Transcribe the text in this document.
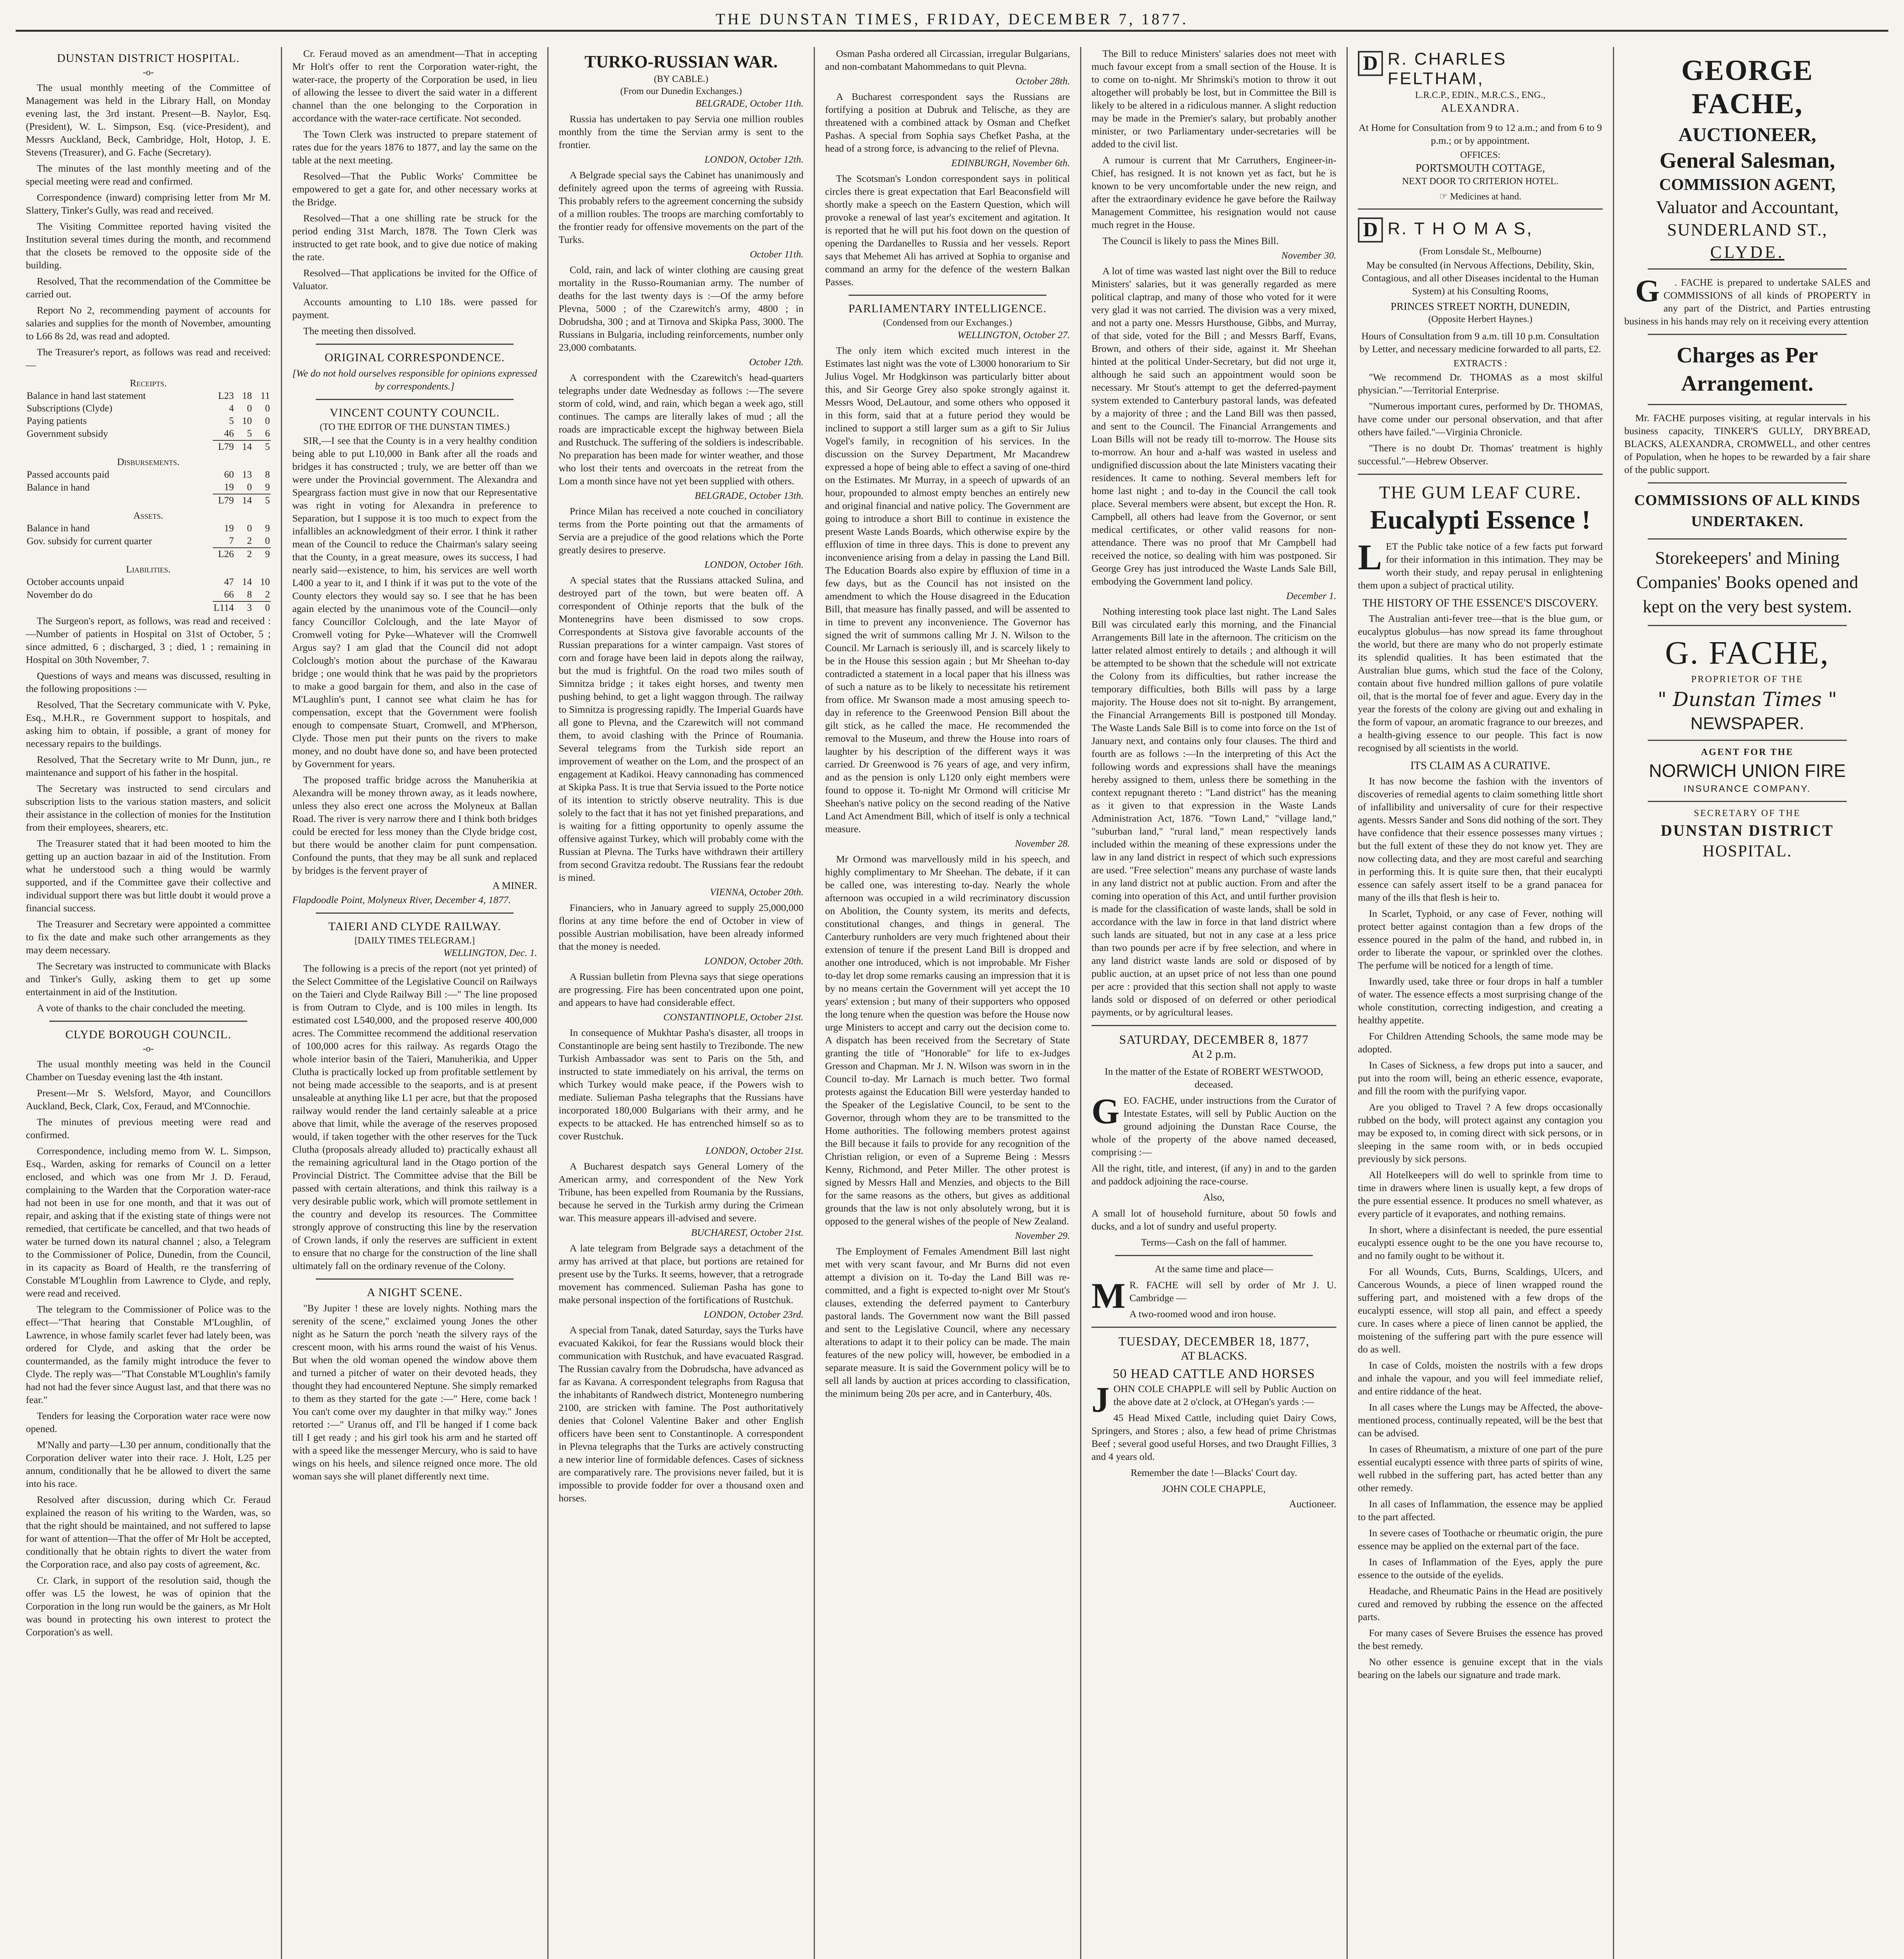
THE DUNSTAN TIMES, FRIDAY, DECEMBER 7, 1877.
DUNSTAN DISTRICT HOSPITAL.
-o-

The usual monthly meeting of the Committee of Management was held in the Library Hall, on Monday evening last, the 3rd instant. Present—B. Naylor, Esq. (President), W. L. Simpson, Esq. (vice-President), and Messrs Auckland, Beck, Cambridge, Holt, Hotop, J. E. Stevens (Treasurer), and G. Fache (Secretary).

The minutes of the last monthly meeting and of the special meeting were read and confirmed.

Correspondence (inward) comprising letter from Mr M. Slattery, Tinker's Gully, was read and received.

The Visiting Committee reported having visited the Institution several times during the month, and recommend that the closets be removed to the opposite side of the building.

Resolved, That the recommendation of the Committee be carried out.

Report No 2, recommending payment of accounts for salaries and supplies for the month of November, amounting to L66 8s 2d, was read and adopted.

The Treasurer's report, as follows was read and received:—

Receipts.			
Balance in hand last statement	L23	18	11
Subscriptions (Clyde)	4	0	0
Paying patients	5	10	0
Government subsidy	46	5	6
	L79	14	5
Disbursements.			
Passed accounts paid	60	13	8
Balance in hand	19	0	9
	L79	14	5
Assets.			
Balance in hand	19	0	9
Gov. subsidy for current quarter	7	2	0
	L26	2	9
Liabilities.			
October accounts unpaid	47	14	10
November do do	66	8	2
	L114	3	0

The Surgeon's report, as follows, was read and received :—Number of patients in Hospital on 31st of October, 5 ; since admitted, 6 ; discharged, 3 ; died, 1 ; remaining in Hospital on 30th November, 7.

Questions of ways and means was discussed, resulting in the following propositions :—

Resolved, That the Secretary communicate with V. Pyke, Esq., M.H.R., re Government support to hospitals, and asking him to obtain, if possible, a grant of money for necessary repairs to the buildings.

Resolved, That the Secretary write to Mr Dunn, jun., re maintenance and support of his father in the hospital.

The Secretary was instructed to send circulars and subscription lists to the various station masters, and solicit their assistance in the collection of monies for the Institution from their employees, shearers, etc.

The Treasurer stated that it had been mooted to him the getting up an auction bazaar in aid of the Institution. From what he understood such a thing would be warmly supported, and if the Committee gave their collective and individual support there was but little doubt it would prove a financial success.

The Treasurer and Secretary were appointed a committee to fix the date and make such other arrangements as they may deem necessary.

The Secretary was instructed to communicate with Blacks and Tinker's Gully, asking them to get up some entertainment in aid of the Institution.

A vote of thanks to the chair concluded the meeting.

CLYDE BOROUGH COUNCIL.
-o-

The usual monthly meeting was held in the Council Chamber on Tuesday evening last the 4th instant.

Present—Mr S. Welsford, Mayor, and Councillors Auckland, Beck, Clark, Cox, Feraud, and M'Connochie.

The minutes of previous meeting were read and confirmed.

Correspondence, including memo from W. L. Simpson, Esq., Warden, asking for remarks of Council on a letter enclosed, and which was one from Mr J. D. Feraud, complaining to the Warden that the Corporation water-race had not been in use for one month, and that it was out of repair, and asking that if the existing state of things were not remedied, that certificate be cancelled, and that two heads of water be turned down its natural channel ; also, a Telegram to the Commissioner of Police, Dunedin, from the Council, in its capacity as Board of Health, re the transferring of Constable M'Loughlin from Lawrence to Clyde, and reply, were read and received.

The telegram to the Commissioner of Police was to the effect—"That hearing that Constable M'Loughlin, of Lawrence, in whose family scarlet fever had lately been, was ordered for Clyde, and asking that the order be countermanded, as the family might introduce the fever to Clyde. The reply was—"That Constable M'Loughlin's family had not had the fever since August last, and that there was no fear."

Tenders for leasing the Corporation water race were now opened.

M'Nally and party—L30 per annum, conditionally that the Corporation deliver water into their race. J. Holt, L25 per annum, conditionally that he be allowed to divert the same into his race.

Resolved after discussion, during which Cr. Feraud explained the reason of his writing to the Warden, was, so that the right should be maintained, and not suffered to lapse for want of attention—That the offer of Mr Holt be accepted, conditionally that he obtain rights to divert the water from the Corporation race, and also pay costs of agreement, &c.

Cr. Clark, in support of the resolution said, though the offer was L5 the lowest, he was of opinion that the Corporation in the long run would be the gainers, as Mr Holt was bound in protecting his own interest to protect the Corporation's as well.

Cr. Feraud moved as an amendment—That in accepting Mr Holt's offer to rent the Corporation water-right, the water-race, the property of the Corporation be used, in lieu of allowing the lessee to divert the said water in a different channel than the one belonging to the Corporation in accordance with the water-race certificate. Not seconded.

The Town Clerk was instructed to prepare statement of rates due for the years 1876 to 1877, and lay the same on the table at the next meeting.

Resolved—That the Public Works' Committee be empowered to get a gate for, and other necessary works at the Bridge.

Resolved—That a one shilling rate be struck for the period ending 31st March, 1878. The Town Clerk was instructed to get rate book, and to give due notice of making the rate.

Resolved—That applications be invited for the Office of Valuator.

Accounts amounting to L10 18s. were passed for payment.

The meeting then dissolved.

ORIGINAL CORRESPONDENCE.

[We do not hold ourselves responsible for opinions expressed by correspondents.]

VINCENT COUNTY COUNCIL.
(TO THE EDITOR OF THE DUNSTAN TIMES.)

SIR,—I see that the County is in a very healthy condition being able to put L10,000 in Bank after all the roads and bridges it has constructed ; truly, we are better off than we were under the Provincial government. The Alexandra and Speargrass faction must give in now that our Representative was right in voting for Alexandra in preference to Separation, but I suppose it is too much to expect from the infallibles an acknowledgment of their error. I think it rather mean of the Council to reduce the Chairman's salary seeing that the County, in a great measure, owes its success, I had nearly said—existence, to him, his services are well worth L400 a year to it, and I think if it was put to the vote of the County electors they would say so. I see that he has been again elected by the unanimous vote of the Council—only fancy Councillor Colclough, and the late Mayor of Cromwell voting for Pyke—Whatever will the Cromwell Argus say? I am glad that the Council did not adopt Colclough's motion about the purchase of the Kawarau bridge ; one would think that he was paid by the proprietors to make a good bargain for them, and also in the case of M'Laughlin's punt, I cannot see what claim he has for compensation, except that the Government were foolish enough to compensate Stuart, Cromwell, and M'Pherson, Clyde. Those men put their punts on the rivers to make money, and no doubt have done so, and have been protected by Government for years.

The proposed traffic bridge across the Manuherikia at Alexandra will be money thrown away, as it leads nowhere, unless they also erect one across the Molyneux at Ballan Road. The river is very narrow there and I think both bridges could be erected for less money than the Clyde bridge cost, but there would be another claim for punt compensation. Confound the punts, that they may be all sunk and replaced by bridges is the fervent prayer of

A MINER.

Flapdoodle Point, Molyneux River, December 4, 1877.

TAIERI AND CLYDE RAILWAY.
[DAILY TIMES TELEGRAM.]
WELLINGTON, Dec. 1.

The following is a precis of the report (not yet printed) of the Select Committee of the Legislative Council on Railways on the Taieri and Clyde Railway Bill :—" The line proposed is from Outram to Clyde, and is 100 miles in length. Its estimated cost L540,000, and the proposed reserve 400,000 acres. The Committee recommend the additional reservation of 100,000 acres for this railway. As regards Otago the whole interior basin of the Taieri, Manuherikia, and Upper Clutha is practically locked up from profitable settlement by not being made accessible to the seaports, and is at present unsaleable at anything like L1 per acre, but that the proposed railway would render the land certainly saleable at a price above that limit, while the average of the reserves proposed would, if taken together with the other reserves for the Tuck Clutha (proposals already alluded to) practically exhaust all the remaining agricultural land in the Otago portion of the Provincial District. The Committee advise that the Bill be passed with certain alterations, and think this railway is a very desirable public work, which will promote settlement in the country and develop its resources. The Committee strongly approve of constructing this line by the reservation of Crown lands, if only the reserves are sufficient in extent to ensure that no charge for the construction of the line shall ultimately fall on the ordinary revenue of the Colony.

A NIGHT SCENE.

"By Jupiter ! these are lovely nights. Nothing mars the serenity of the scene," exclaimed young Jones the other night as he Saturn the porch 'neath the silvery rays of the crescent moon, with his arms round the waist of his Venus. But when the old woman opened the window above them and turned a pitcher of water on their devoted heads, they thought they had encountered Neptune. She simply remarked to them as they started for the gate :—" Here, come back ! You can't come over my daughter in that milky way." Jones retorted :—" Uranus off, and I'll be hanged if I come back till I get ready ; and his girl took his arm and he started off with a speed like the messenger Mercury, who is said to have wings on his heels, and silence reigned once more. The old woman says she will planet differently next time.

TURKO-RUSSIAN WAR.
(BY CABLE.)
(From our Dunedin Exchanges.)
BELGRADE, October 11th.

Russia has undertaken to pay Servia one million roubles monthly from the time the Servian army is sent to the frontier.

LONDON, October 12th.

A Belgrade special says the Cabinet has unanimously and definitely agreed upon the terms of agreeing with Russia. This probably refers to the agreement concerning the subsidy of a million roubles. The troops are marching comfortably to the frontier ready for offensive movements on the part of the Turks.

October 11th.

Cold, rain, and lack of winter clothing are causing great mortality in the Russo-Roumanian army. The number of deaths for the last twenty days is :—Of the army before Plevna, 5000 ; of the Czarewitch's army, 4800 ; in Dobrudsha, 300 ; and at Tirnova and Skipka Pass, 3000. The Russians in Bulgaria, including reinforcements, number only 23,000 combatants.

October 12th.

A correspondent with the Czarewitch's head-quarters telegraphs under date Wednesday as follows :—The severe storm of cold, wind, and rain, which began a week ago, still continues. The camps are literally lakes of mud ; all the roads are impracticable except the highway between Biela and Rustchuck. The suffering of the soldiers is indescribable. No preparation has been made for winter weather, and those who lost their tents and overcoats in the retreat from the Lom a month since have not yet been supplied with others.

BELGRADE, October 13th.

Prince Milan has received a note couched in conciliatory terms from the Porte pointing out that the armaments of Servia are a prejudice of the good relations which the Porte greatly desires to preserve.

LONDON, October 16th.

A special states that the Russians attacked Sulina, and destroyed part of the town, but were beaten off. A correspondent of Othinje reports that the bulk of the Montenegrins have been dismissed to sow crops. Correspondents at Sistova give favorable accounts of the Russian preparations for a winter campaign. Vast stores of corn and forage have been laid in depots along the railway, but the mud is frightful. On the road two miles south of Simnitza bridge ; it takes eight horses, and twenty men pushing behind, to get a light waggon through. The railway to Simnitza is progressing rapidly. The Imperial Guards have all gone to Plevna, and the Czarewitch will not command them, to avoid clashing with the Prince of Roumania. Several telegrams from the Turkish side report an improvement of weather on the Lom, and the prospect of an engagement at Kadikoi. Heavy cannonading has commenced at Skipka Pass. It is true that Servia issued to the Porte notice of its intention to strictly observe neutrality. This is due solely to the fact that it has not yet finished preparations, and is waiting for a fitting opportunity to openly assume the offensive against Turkey, which will probably come with the Russian at Plevna. The Turks have withdrawn their artillery from second Gravitza redoubt. The Russians fear the redoubt is mined.

VIENNA, October 20th.

Financiers, who in January agreed to supply 25,000,000 florins at any time before the end of October in view of possible Austrian mobilisation, have been already informed that the money is needed.

LONDON, October 20th.

A Russian bulletin from Plevna says that siege operations are progressing. Fire has been concentrated upon one point, and appears to have had considerable effect.

CONSTANTINOPLE, October 21st.

In consequence of Mukhtar Pasha's disaster, all troops in Constantinople are being sent hastily to Trezibonde. The new Turkish Ambassador was sent to Paris on the 5th, and instructed to state immediately on his arrival, the terms on which Turkey would make peace, if the Powers wish to mediate. Sulieman Pasha telegraphs that the Russians have incorporated 180,000 Bulgarians with their army, and he expects to be attacked. He has entrenched himself so as to cover Rustchuk.

LONDON, October 21st.

A Bucharest despatch says General Lomery of the American army, and correspondent of the New York Tribune, has been expelled from Roumania by the Russians, because he served in the Turkish army during the Crimean war. This measure appears ill-advised and severe.

BUCHAREST, October 21st.

A late telegram from Belgrade says a detachment of the army has arrived at that place, but portions are retained for present use by the Turks. It seems, however, that a retrograde movement has commenced. Sulieman Pasha has gone to make personal inspection of the fortifications of Rustchuk.

LONDON, October 23rd.

A special from Tanak, dated Saturday, says the Turks have evacuated Kakikoi, for fear the Russians would block their communication with Rustchuk, and have evacuated Rasgrad. The Russian cavalry from the Dobrudscha, have advanced as far as Kavana. A correspondent telegraphs from Ragusa that the inhabitants of Randwech district, Montenegro numbering 2100, are stricken with famine. The Post authoritatively denies that Colonel Valentine Baker and other English officers have been sent to Constantinople. A correspondent in Plevna telegraphs that the Turks are actively constructing a new interior line of formidable defences. Cases of sickness are comparatively rare. The provisions never failed, but it is impossible to provide fodder for over a thousand oxen and horses.

Osman Pasha ordered all Circassian, irregular Bulgarians, and non-combatant Mahommedans to quit Plevna.

October 28th.

A Bucharest correspondent says the Russians are fortifying a position at Dubruk and Telische, as they are threatened with a combined attack by Osman and Chefket Pashas. A special from Sophia says Chefket Pasha, at the head of a strong force, is advancing to the relief of Plevna.

EDINBURGH, November 6th.

The Scotsman's London correspondent says in political circles there is great expectation that Earl Beaconsfield will shortly make a speech on the Eastern Question, which will provoke a renewal of last year's excitement and agitation. It is reported that he will put his foot down on the question of opening the Dardanelles to Russia and her vessels. Report says that Mehemet Ali has arrived at Sophia to organise and command an army for the defence of the western Balkan Passes.

PARLIAMENTARY INTELLIGENCE.
(Condensed from our Exchanges.)
WELLINGTON, October 27.

The only item which excited much interest in the Estimates last night was the vote of L3000 honorarium to Sir Julius Vogel. Mr Hodgkinson was particularly bitter about this, and Sir George Grey also spoke strongly against it. Messrs Wood, DeLautour, and some others who opposed it in this form, said that at a future period they would be inclined to support a still larger sum as a gift to Sir Julius Vogel's family, in recognition of his services. In the discussion on the Survey Department, Mr Macandrew expressed a hope of being able to effect a saving of one-third on the Estimates. Mr Murray, in a speech of upwards of an hour, propounded to almost empty benches an entirely new and original financial and native policy. The Government are going to introduce a short Bill to continue in existence the present Waste Lands Boards, which otherwise expire by the effluxion of time in three days. This is done to prevent any inconvenience arising from a delay in passing the Land Bill. The Education Boards also expire by effluxion of time in a few days, but as the Council has not insisted on the amendment to which the House disagreed in the Education Bill, that measure has finally passed, and will be assented to in time to prevent any inconvenience. The Governor has signed the writ of summons calling Mr J. N. Wilson to the Council. Mr Larnach is seriously ill, and is scarcely likely to be in the House this session again ; but Mr Sheehan to-day contradicted a statement in a local paper that his illness was of such a nature as to be likely to necessitate his retirement from office. Mr Swanson made a most amusing speech to-day in reference to the Greenwood Pension Bill about the gilt stick, as he called the mace. He recommended the removal to the Museum, and threw the House into roars of laughter by his description of the different ways it was carried. Dr Greenwood is 76 years of age, and very infirm, and as the pension is only L120 only eight members were found to oppose it. To-night Mr Ormond will criticise Mr Sheehan's native policy on the second reading of the Native Land Act Amendment Bill, which of itself is only a technical measure.

November 28.

Mr Ormond was marvellously mild in his speech, and highly complimentary to Mr Sheehan. The debate, if it can be called one, was interesting to-day. Nearly the whole afternoon was occupied in a wild recriminatory discussion on Abolition, the County system, its merits and defects, constitutional changes, and things in general. The Canterbury runholders are very much frightened about their extension of tenure if the present Land Bill is dropped and another one introduced, which is not improbable. Mr Fisher to-day let drop some remarks causing an impression that it is by no means certain the Government will yet accept the 10 years' extension ; but many of their supporters who opposed the long tenure when the question was before the House now urge Ministers to accept and carry out the decision come to. A dispatch has been received from the Secretary of State granting the title of "Honorable" for life to ex-Judges Gresson and Chapman. Mr J. N. Wilson was sworn in in the Council to-day. Mr Larnach is much better. Two formal protests against the Education Bill were yesterday handed to the Speaker of the Legislative Council, to be sent to the Governor, through whom they are to be transmitted to the Home authorities. The following members protest against the Bill because it fails to provide for any recognition of the Christian religion, or even of a Supreme Being : Messrs Kenny, Richmond, and Peter Miller. The other protest is signed by Messrs Hall and Menzies, and objects to the Bill for the same reasons as the others, but gives as additional grounds that the law is not only absolutely wrong, but it is opposed to the general wishes of the people of New Zealand.

November 29.

The Employment of Females Amendment Bill last night met with very scant favour, and Mr Burns did not even attempt a division on it. To-day the Land Bill was re-committed, and a fight is expected to-night over Mr Stout's clauses, extending the deferred payment to Canterbury pastoral lands. The Government now want the Bill passed and sent to the Legislative Council, where any necessary alterations to adapt it to their policy can be made. The main features of the new policy will, however, be embodied in a separate measure. It is said the Government policy will be to sell all lands by auction at prices according to classification, the minimum being 20s per acre, and in Canterbury, 40s.

The Bill to reduce Ministers' salaries does not meet with much favour except from a small section of the House. It is to come on to-night. Mr Shrimski's motion to throw it out altogether will probably be lost, but in Committee the Bill is likely to be altered in a ridiculous manner. A slight reduction may be made in the Premier's salary, but probably another minister, or two Parliamentary under-secretaries will be added to the civil list.

A rumour is current that Mr Carruthers, Engineer-in-Chief, has resigned. It is not known yet as fact, but he is known to be very uncomfortable under the new reign, and after the extraordinary evidence he gave before the Railway Management Committee, his resignation would not cause much regret in the House.

The Council is likely to pass the Mines Bill.

November 30.

A lot of time was wasted last night over the Bill to reduce Ministers' salaries, but it was generally regarded as mere political claptrap, and many of those who voted for it were very glad it was not carried. The division was a very mixed, and not a party one. Messrs Hursthouse, Gibbs, and Murray, of that side, voted for the Bill ; and Messrs Barff, Evans, Brown, and others of their side, against it. Mr Sheehan hinted at the political Under-Secretary, but did not urge it, although he said such an appointment would soon be necessary. Mr Stout's attempt to get the deferred-payment system extended to Canterbury pastoral lands, was defeated by a majority of three ; and the Land Bill was then passed, and sent to the Council. The Financial Arrangements and Loan Bills will not be ready till to-morrow. The House sits to-morrow. An hour and a-half was wasted in useless and undignified discussion about the late Ministers vacating their residences. It came to nothing. Several members left for home last night ; and to-day in the Council the call took place. Several members were absent, but except the Hon. R. Campbell, all others had leave from the Governor, or sent medical certificates, or other valid reasons for non-attendance. There was no proof that Mr Campbell had received the notice, so dealing with him was postponed. Sir George Grey has just introduced the Waste Lands Sale Bill, embodying the Government land policy.

December 1.

Nothing interesting took place last night. The Land Sales Bill was circulated early this morning, and the Financial Arrangements Bill late in the afternoon. The criticism on the latter related almost entirely to details ; and although it will be attempted to be shown that the schedule will not extricate the Colony from its difficulties, but rather increase the temporary difficulties, both Bills will pass by a large majority. The House does not sit to-night. By arrangement, the Financial Arrangements Bill is postponed till Monday. The Waste Lands Sale Bill is to come into force on the 1st of January next, and contains only four clauses. The third and fourth are as follows :—In the interpreting of this Act the following words and expressions shall have the meanings hereby assigned to them, unless there be something in the context repugnant thereto : "Land district" has the meaning as it given to that expression in the Waste Lands Administration Act, 1876. "Town Land," "village land," "suburban land," "rural land," mean respectively lands included within the meaning of these expressions under the law in any land district in respect of which such expressions are used. "Free selection" means any purchase of waste lands in any land district not at public auction. From and after the coming into operation of this Act, and until further provision is made for the classification of waste lands, shall be sold in accordance with the law in force in that land district where such lands are situated, but not in any case at a less price than two pounds per acre if by free selection, and where in any land district waste lands are sold or disposed of by public auction, at an upset price of not less than one pound per acre : provided that this section shall not apply to waste lands sold or disposed of on deferred or other periodical payments, or by agricultural leases.

SATURDAY, DECEMBER 8, 1877
At 2 p.m.

In the matter of the Estate of ROBERT WESTWOOD, deceased.

GEO. FACHE, under instructions from the Curator of Intestate Estates, will sell by Public Auction on the ground adjoining the Dunstan Race Course, the whole of the property of the above named deceased, comprising :—

All the right, title, and interest, (if any) in and to the garden and paddock adjoining the race-course.

Also,

A small lot of household furniture, about 50 fowls and ducks, and a lot of sundry and useful property.

Terms—Cash on the fall of hammer.

At the same time and place—

M R. FACHE will sell by order of Mr J. U. Cambridge —

A two-roomed wood and iron house.

TUESDAY, DECEMBER 18, 1877,
AT BLACKS.
50 HEAD CATTLE AND HORSES

JOHN COLE CHAPPLE will sell by Public Auction on the above date at 2 o'clock, at O'Hegan's yards :—

45 Head Mixed Cattle, including quiet Dairy Cows, Springers, and Stores ; also, a few head of prime Christmas Beef ; several good useful Horses, and two Draught Fillies, 3 and 4 years old.

Remember the date !—Blacks' Court day.

JOHN COLE CHAPPLE,

Auctioneer.
D R. CHARLES FELTHAM,
L.R.C.P., EDIN., M.R.C.S., ENG.,
ALEXANDRA.

At Home for Consultation from 9 to 12 a.m.; and from 6 to 9 p.m.; or by appointment.

OFFICES:
PORTSMOUTH COTTAGE,
NEXT DOOR TO CRITERION HOTEL.
☞ Medicines at hand.
D R. T H O M A S,
(From Lonsdale St., Melbourne)

May be consulted (in Nervous Affections, Debility, Skin, Contagious, and all other Diseases incidental to the Human System) at his Consulting Rooms,

PRINCES STREET NORTH, DUNEDIN,
(Opposite Herbert Haynes.)

Hours of Consultation from 9 a.m. till 10 p.m. Consultation by Letter, and necessary medicine forwarded to all parts, £2.

EXTRACTS :

"We recommend Dr. THOMAS as a most skilful physician."—Territorial Enterprise.

"Numerous important cures, performed by Dr. THOMAS, have come under our personal observation, and that after others have failed."—Virginia Chronicle.

"There is no doubt Dr. Thomas' treatment is highly successful."—Hebrew Observer.

THE GUM LEAF CURE.
Eucalypti Essence !

LET the Public take notice of a few facts put forward for their information in this intimation. They may be worth their study, and repay perusal in enlightening them upon a subject of practical utility.

THE HISTORY OF THE ESSENCE'S DISCOVERY.

The Australian anti-fever tree—that is the blue gum, or eucalyptus globulus—has now spread its fame throughout the world, but there are many who do not properly estimate its splendid qualities. It has been estimated that the Australian blue gums, which stud the face of the Colony, contain about five hundred million gallons of pure volatile oil, that is the mortal foe of fever and ague. Every day in the year the forests of the colony are giving out and exhaling in the form of vapour, an aromatic fragrance to our breezes, and a health-giving essence to our people. This fact is now recognised by all scientists in the world.

ITS CLAIM AS A CURATIVE.

It has now become the fashion with the inventors of discoveries of remedial agents to claim something little short of infallibility and universality of cure for their respective agents. Messrs Sander and Sons did nothing of the sort. They have confidence that their essence possesses many virtues ; but the full extent of these they do not know yet. They are now collecting data, and they are most careful and searching in performing this. It is quite sure then, that their eucalypti essence can safely assert itself to be a grand panacea for many of the ills that flesh is heir to.

In Scarlet, Typhoid, or any case of Fever, nothing will protect better against contagion than a few drops of the essence poured in the palm of the hand, and rubbed in, in order to liberate the vapour, or sprinkled over the clothes. The perfume will be noticed for a length of time.

Inwardly used, take three or four drops in half a tumbler of water. The essence effects a most surprising change of the whole constitution, correcting indigestion, and creating a healthy appetite.

For Children Attending Schools, the same mode may be adopted.

In Cases of Sickness, a few drops put into a saucer, and put into the room will, being an etheric essence, evaporate, and fill the room with the purifying vapor.

Are you obliged to Travel ? A few drops occasionally rubbed on the body, will protect against any contagion you may be exposed to, in coming direct with sick persons, or in sleeping in the same room with, or in beds occupied previously by sick persons.

All Hotelkeepers will do well to sprinkle from time to time in drawers where linen is usually kept, a few drops of the pure essential essence. It produces no smell whatever, as every particle of it evaporates, and nothing remains.

In short, where a disinfectant is needed, the pure essential eucalypti essence ought to be the one you have recourse to, and no family ought to be without it.

For all Wounds, Cuts, Burns, Scaldings, Ulcers, and Cancerous Wounds, a piece of linen wrapped round the suffering part, and moistened with a few drops of the eucalypti essence, will stop all pain, and effect a speedy cure. In cases where a piece of linen cannot be applied, the moistening of the suffering part with the pure essence will do as well.

In case of Colds, moisten the nostrils with a few drops and inhale the vapour, and you will feel immediate relief, and entire riddance of the heat.

In all cases where the Lungs may be Affected, the above-mentioned process, continually repeated, will be the best that can be advised.

In cases of Rheumatism, a mixture of one part of the pure essential eucalypti essence with three parts of spirits of wine, well rubbed in the suffering part, has acted better than any other remedy.

In all cases of Inflammation, the essence may be applied to the part affected.

In severe cases of Toothache or rheumatic origin, the pure essence may be applied on the external part of the face.

In cases of Inflammation of the Eyes, apply the pure essence to the outside of the eyelids.

Headache, and Rheumatic Pains in the Head are positively cured and removed by rubbing the essence on the affected parts.

For many cases of Severe Bruises the essence has proved the best remedy.

No other essence is genuine except that in the vials bearing on the labels our signature and trade mark.

GEORGE FACHE,
AUCTIONEER,
General Salesman,
COMMISSION AGENT,
Valuator and Accountant,
SUNDERLAND ST.,
CLYDE.

G . FACHE is prepared to undertake SALES and COMMISSIONS of all kinds of PROPERTY in any part of the District, and Parties entrusting business in his hands may rely on it receiving every attention

Charges as Per Arrangement.

Mr. FACHE purposes visiting, at regular intervals in his business capacity, TINKER'S GULLY, DRYBREAD, BLACKS, ALEXANDRA, CROMWELL, and other centres of Population, when he hopes to be rewarded by a fair share of the public support.

COMMISSIONS OF ALL KINDS UNDERTAKEN.
Storekeepers' and Mining Companies' Books opened and kept on the very best system.
G. FACHE,
PROPRIETOR OF THE
" Dunstan Times "
NEWSPAPER.
AGENT FOR THE
NORWICH UNION FIRE
INSURANCE COMPANY.
SECRETARY OF THE
DUNSTAN DISTRICT
HOSPITAL.
